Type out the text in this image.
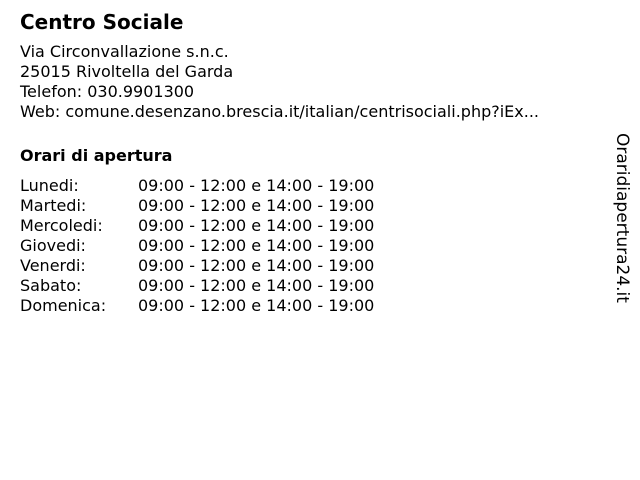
Centro Sociale
Via Circonvallazione s.n.c.
25015 Rivoltella del Garda
Telefon: 030.9901300
Web: comune.desenzano.brescia.it/italian/centrisociali.php?iEx...
Orari di apertura
Lunedi:	09:00 - 12:00 e 14:00 - 19:00
Martedi:	09:00 - 12:00 e 14:00 - 19:00
Mercoledi:	09:00 - 12:00 e 14:00 - 19:00
Giovedi:	09:00 - 12:00 e 14:00 - 19:00
Venerdi:	09:00 - 12:00 e 14:00 - 19:00
Sabato:	09:00 - 12:00 e 14:00 - 19:00
Domenica:	09:00 - 12:00 e 14:00 - 19:00
Oraridiapertura24.it
